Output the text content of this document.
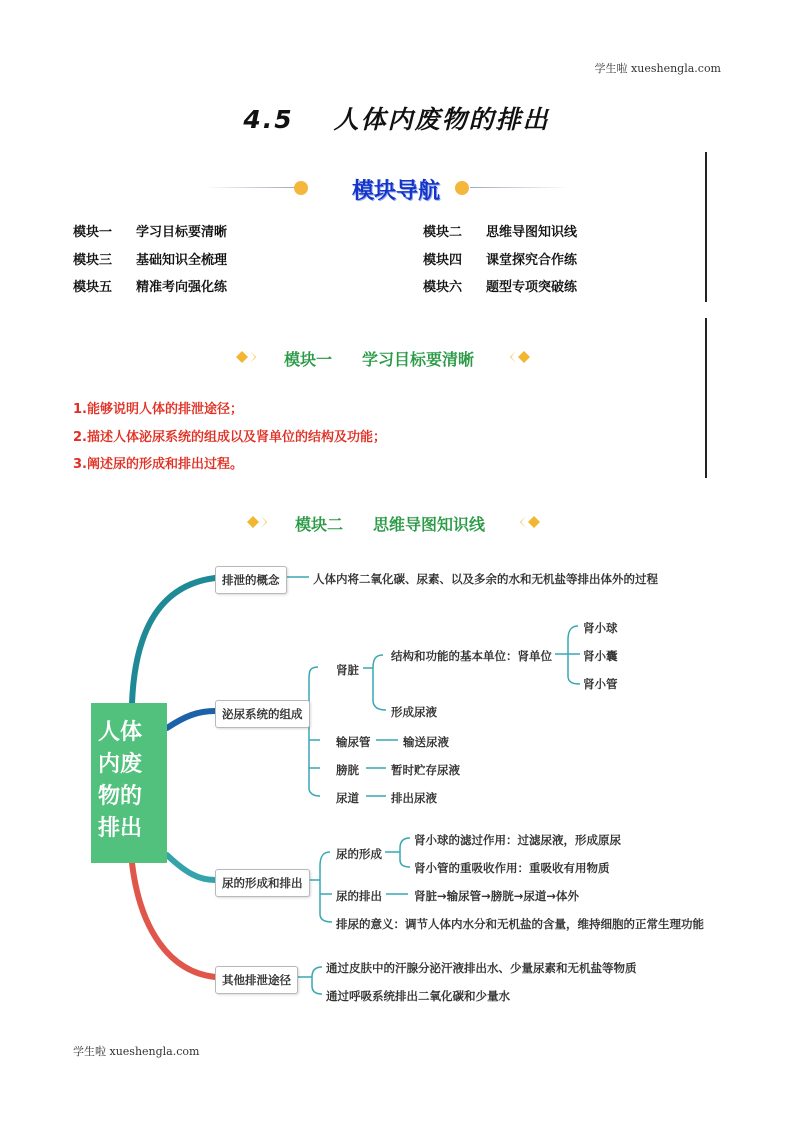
学生啦 xueshengla.com
学生啦 xueshengla.com
4.5 人体内废物的排出
模块导航
模块一 学习目标要清晰	模块二 思维导图知识线
模块三 基础知识全梳理	模块四 课堂探究合作练
模块五 精准考向强化练	模块六 题型专项突破练
模块一 学习目标要清晰
1.能够说明人体的排泄途径；
2.描述人体泌尿系统的组成以及肾单位的结构及功能；
3.阐述尿的形成和排出过程。
模块二 思维导图知识线
人体
内废
物的
排出
排泄的概念	人体内将二氧化碳、尿素、以及多余的水和无机盐等排出体外的过程
泌尿系统的组成
肾脏
结构和功能的基本单位：肾单位
肾小球
肾小囊
肾小管
形成尿液
输尿管	输送尿液
膀胱	暂时贮存尿液
尿道	排出尿液
尿的形成和排出
尿的形成
肾小球的滤过作用：过滤尿液，形成原尿
肾小管的重吸收作用：重吸收有用物质
尿的排出	肾脏→输尿管→膀胱→尿道→体外
排尿的意义：调节人体内水分和无机盐的含量，维持细胞的正常生理功能
其他排泄途径
通过皮肤中的汗腺分泌汗液排出水、少量尿素和无机盐等物质
通过呼吸系统排出二氧化碳和少量水
